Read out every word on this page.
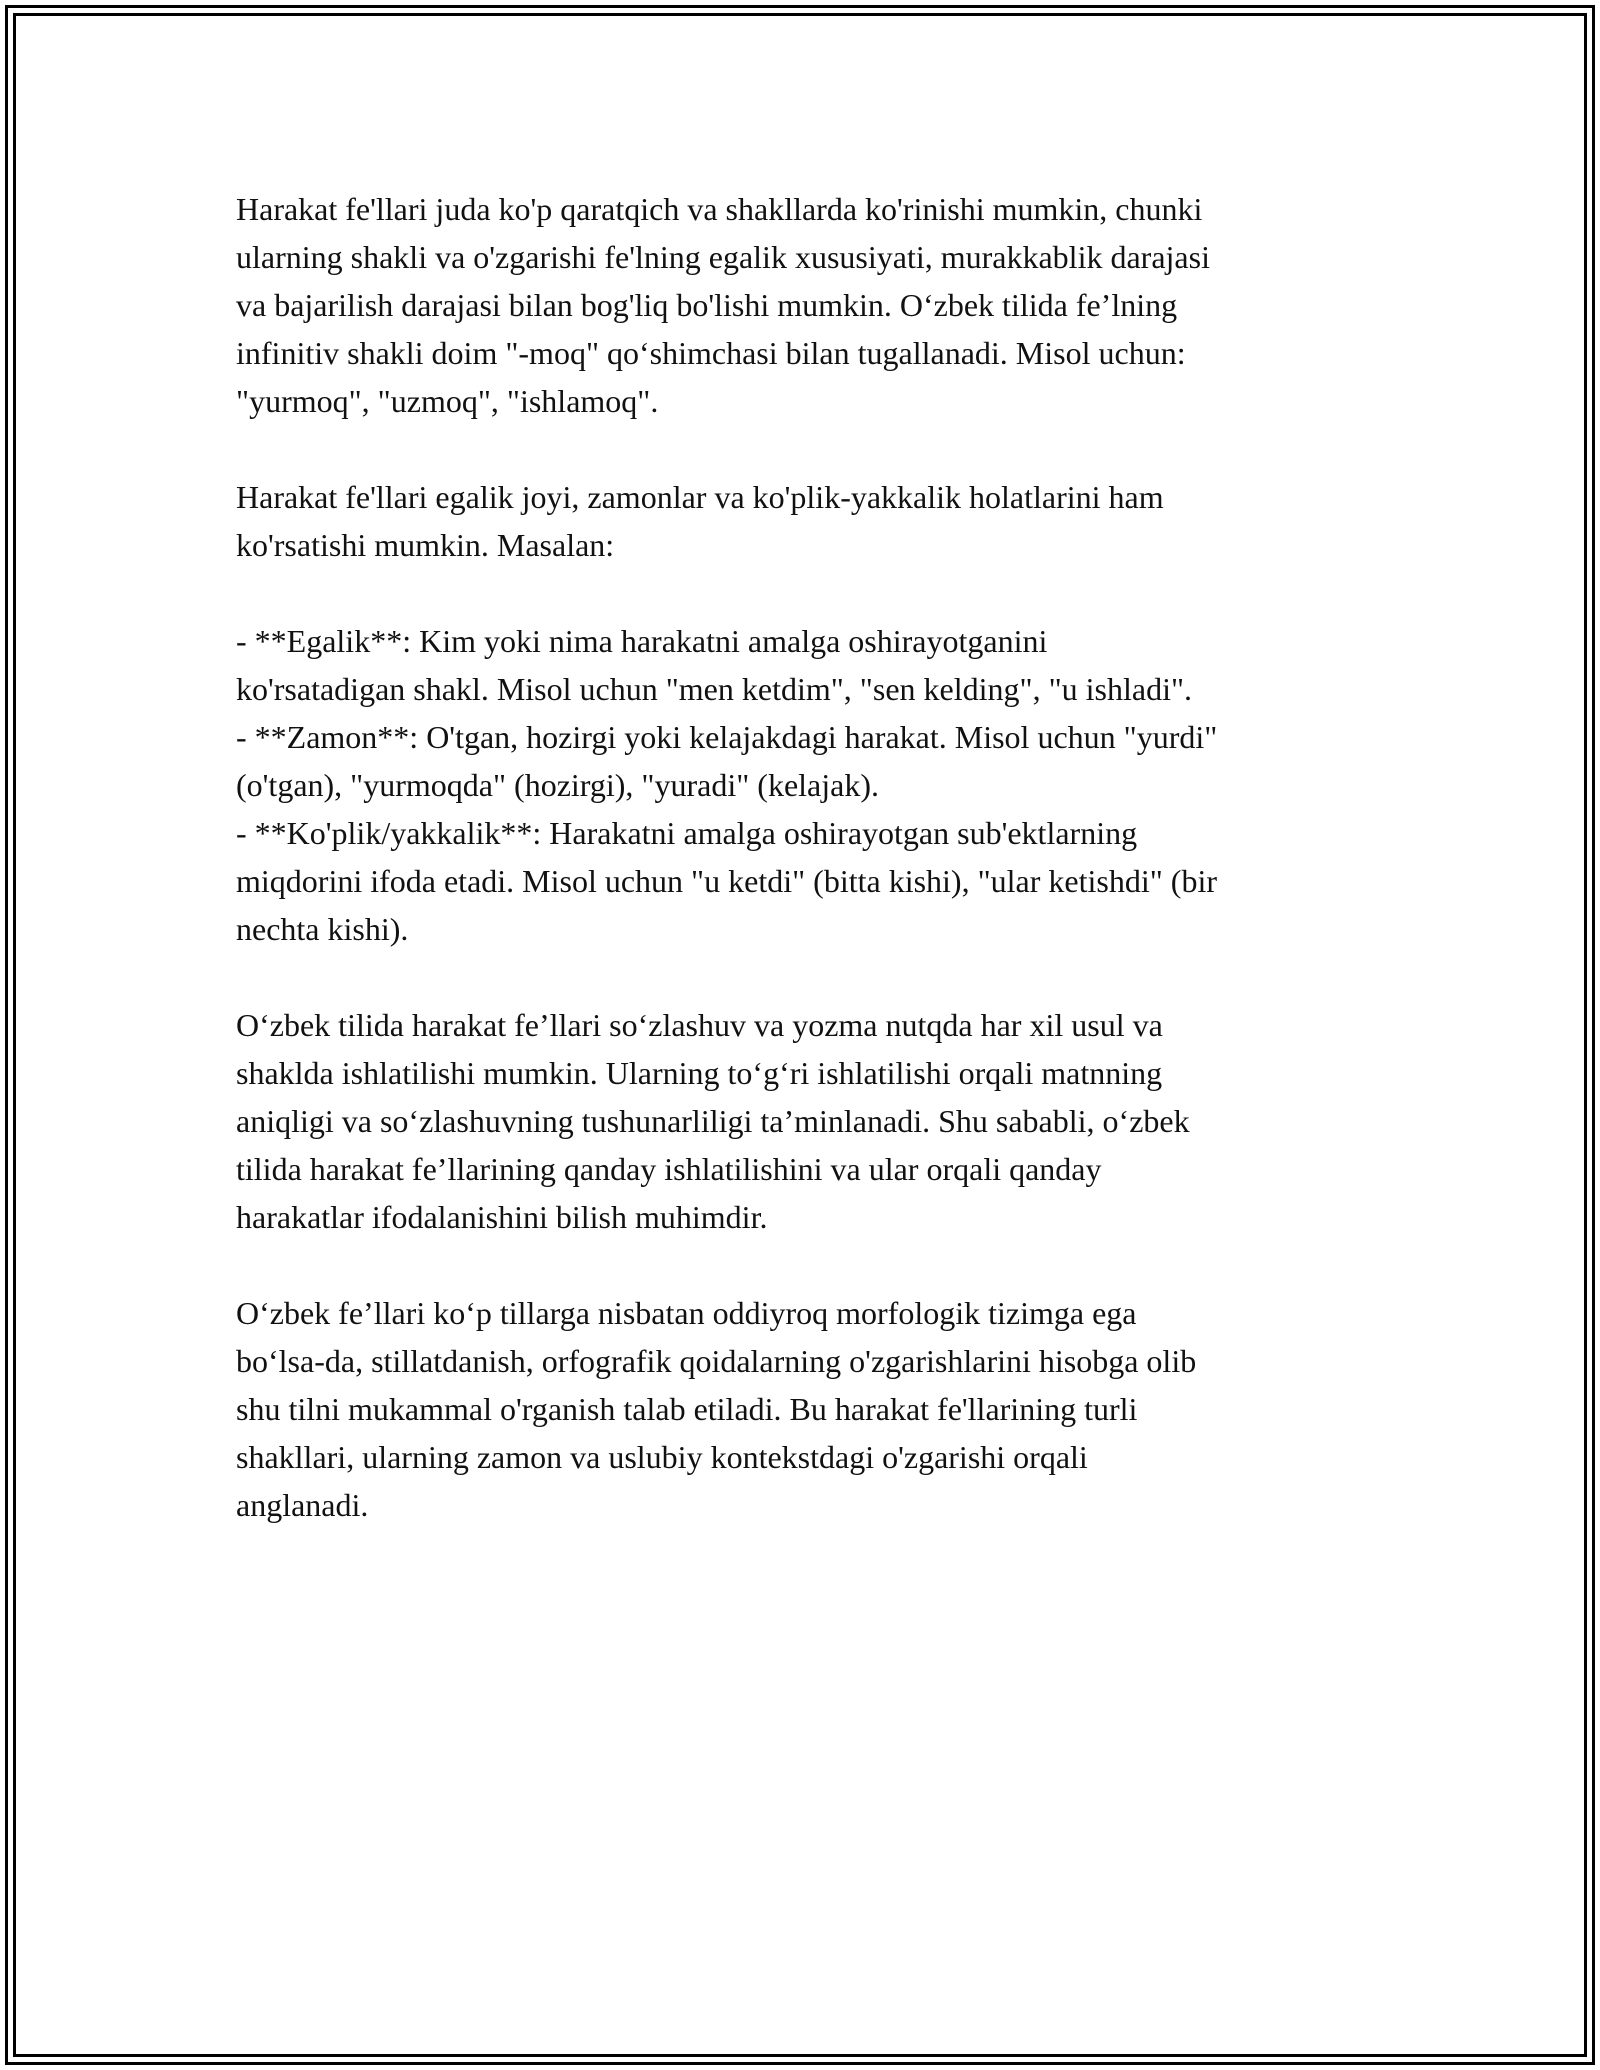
Harakat fe'llari juda ko'p qaratqich va shakllarda ko'rinishi mumkin, chunki
ularning shakli va o'zgarishi fe'lning egalik xususiyati, murakkablik darajasi
va bajarilish darajasi bilan bog'liq bo'lishi mumkin. O‘zbek tilida fe’lning
infinitiv shakli doim "-moq" qo‘shimchasi bilan tugallanadi. Misol uchun:
"yurmoq", "uzmoq", "ishlamoq".

Harakat fe'llari egalik joyi, zamonlar va ko'plik-yakkalik holatlarini ham
ko'rsatishi mumkin. Masalan:

- **Egalik**: Kim yoki nima harakatni amalga oshirayotganini
ko'rsatadigan shakl. Misol uchun "men ketdim", "sen kelding", "u ishladi".
- **Zamon**: O'tgan, hozirgi yoki kelajakdagi harakat. Misol uchun "yurdi"
(o'tgan), "yurmoqda" (hozirgi), "yuradi" (kelajak).
- **Ko'plik/yakkalik**: Harakatni amalga oshirayotgan sub'ektlarning
miqdorini ifoda etadi. Misol uchun "u ketdi" (bitta kishi), "ular ketishdi" (bir
nechta kishi).

O‘zbek tilida harakat fe’llari so‘zlashuv va yozma nutqda har xil usul va
shaklda ishlatilishi mumkin. Ularning to‘g‘ri ishlatilishi orqali matnning
aniqligi va so‘zlashuvning tushunarliligi ta’minlanadi. Shu sababli, o‘zbek
tilida harakat fe’llarining qanday ishlatilishini va ular orqali qanday
harakatlar ifodalanishini bilish muhimdir.

O‘zbek fe’llari ko‘p tillarga nisbatan oddiyroq morfologik tizimga ega
bo‘lsa-da, stillatdanish, orfografik qoidalarning o'zgarishlarini hisobga olib
shu tilni mukammal o'rganish talab etiladi. Bu harakat fe'llarining turli
shakllari, ularning zamon va uslubiy kontekstdagi o'zgarishi orqali
anglanadi.
